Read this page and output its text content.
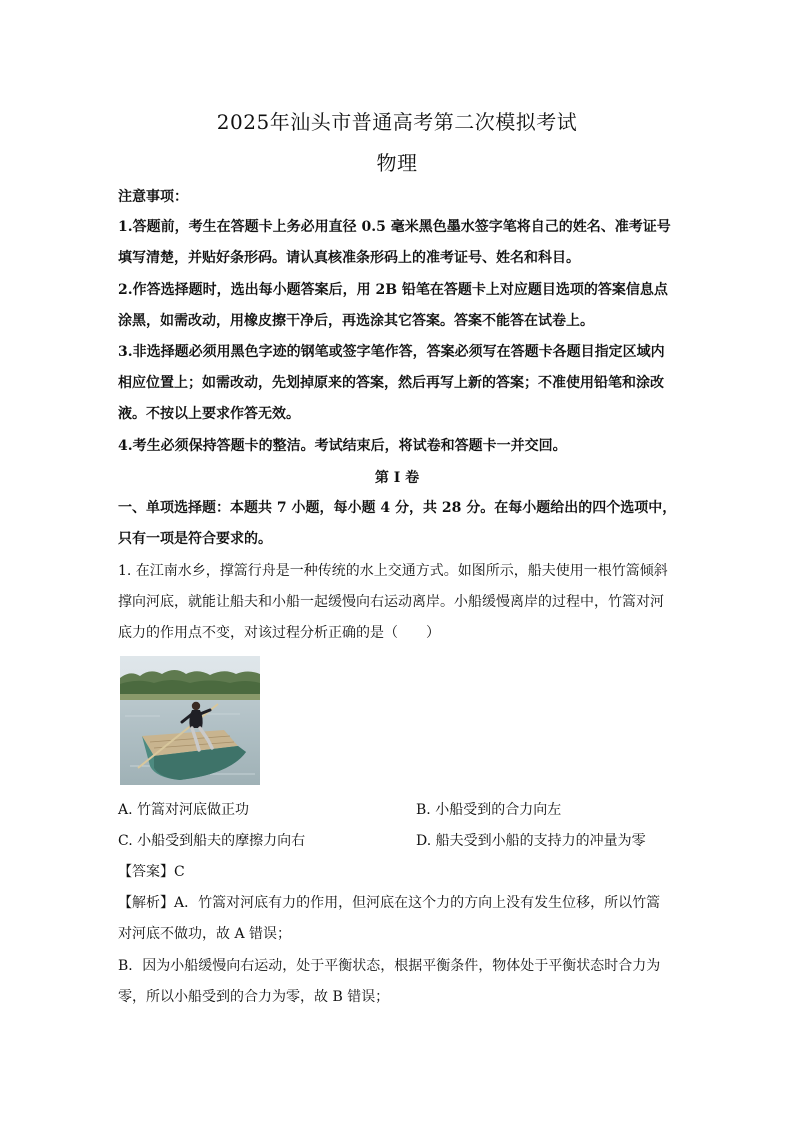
2025年汕头市普通高考第二次模拟考试
物理
注意事项：
1.答题前，考生在答题卡上务必用直径 0.5 毫米黑色墨水签字笔将自己的姓名、准考证号
填写清楚，并贴好条形码。请认真核准条形码上的准考证号、姓名和科目。
2.作答选择题时，选出每小题答案后，用 2B 铅笔在答题卡上对应题目选项的答案信息点
涂黑，如需改动，用橡皮擦干净后，再选涂其它答案。答案不能答在试卷上。
3.非选择题必须用黑色字迹的钢笔或签字笔作答，答案必须写在答题卡各题目指定区域内
相应位置上；如需改动，先划掉原来的答案，然后再写上新的答案；不准使用铅笔和涂改
液。不按以上要求作答无效。
4.考生必须保持答题卡的整洁。考试结束后，将试卷和答题卡一并交回。
第 I 卷
一、单项选择题：本题共 7 小题，每小题 4 分，共 28 分。在每小题给出的四个选项中，
只有一项是符合要求的。
1. 在江南水乡，撑篙行舟是一种传统的水上交通方式。如图所示，船夫使用一根竹篙倾斜
撑向河底，就能让船夫和小船一起缓慢向右运动离岸。小船缓慢离岸的过程中，竹篙对河
底力的作用点不变，对该过程分析正确的是（　　）
A. 竹篙对河底做正功	B. 小船受到的合力向左
C. 小船受到船夫的摩擦力向右	D. 船夫受到小船的支持力的冲量为零
【答案】C
【解析】A．竹篙对河底有力的作用，但河底在这个力的方向上没有发生位移，所以竹篙
对河底不做功，故 A 错误；
B．因为小船缓慢向右运动，处于平衡状态，根据平衡条件，物体处于平衡状态时合力为
零，所以小船受到的合力为零，故 B 错误；
